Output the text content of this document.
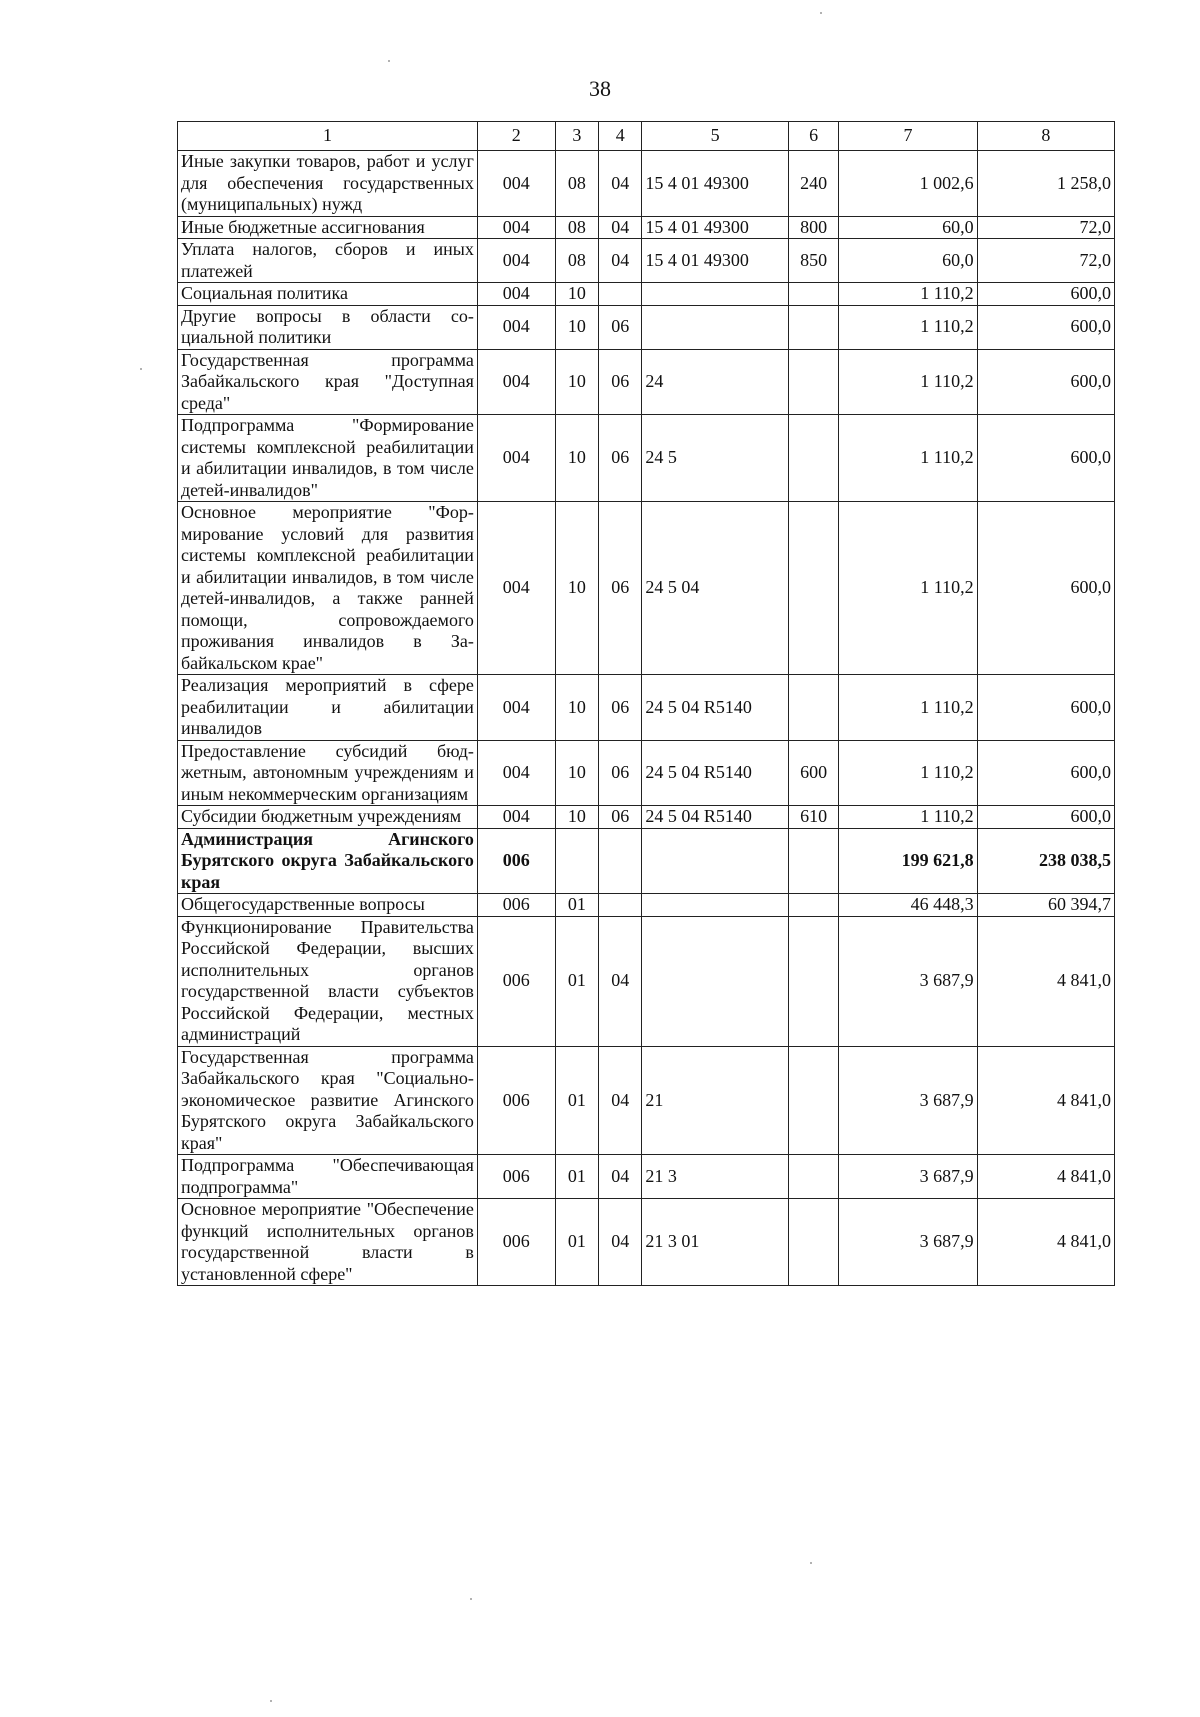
38
1	2	3	4	5	6	7	8
Иные закупки товаров, работ и услуг для обеспечения государственных (муниципальных) нужд	004	08	04	15 4 01 49300	240	1 002,6	1 258,0
Иные бюджетные ассигнования	004	08	04	15 4 01 49300	800	60,0	72,0
Уплата налогов, сборов и иных платежей	004	08	04	15 4 01 49300	850	60,0	72,0
Социальная политика	004	10				1 110,2	600,0
Другие вопросы в области социальной политики	004	10	06			1 110,2	600,0
Государственная программа Забайкальского края "Доступная среда"	004	10	06	24		1 110,2	600,0
Подпрограмма "Формирование системы комплексной реабилитации и абилитации инвалидов, в том числе детей-инвалидов"	004	10	06	24 5		1 110,2	600,0
Основное мероприятие "Формирование условий для развития системы комплексной реабилитации и абилитации инвалидов, в том числе детей-инвалидов, а также ранней помощи, сопровождаемого проживания инвалидов в Забайкальском крае"	004	10	06	24 5 04		1 110,2	600,0
Реализация мероприятий в сфере реабилитации и абилитации инвалидов	004	10	06	24 5 04 R5140		1 110,2	600,0
Предоставление субсидий бюджетным, автономным учреждениям и иным некоммерческим организациям	004	10	06	24 5 04 R5140	600	1 110,2	600,0
Субсидии бюджетным учреждениям	004	10	06	24 5 04 R5140	610	1 110,2	600,0
Администрация Агинского Бурятского округа Забайкальского края	006					199 621,8	238 038,5
Общегосударственные вопросы	006	01				46 448,3	60 394,7
Функционирование Правительства Российской Федерации, высших исполнительных органов государственной власти субъектов Российской Федерации, местных администраций	006	01	04			3 687,9	4 841,0
Государственная программа Забайкальского края "Социально-экономическое развитие Агинского Бурятского округа Забайкальского края"	006	01	04	21		3 687,9	4 841,0
Подпрограмма "Обеспечивающая подпрограмма"	006	01	04	21 3		3 687,9	4 841,0
Основное мероприятие "Обеспечение функций исполнительных органов государственной власти в установленной сфере"	006	01	04	21 3 01		3 687,9	4 841,0
